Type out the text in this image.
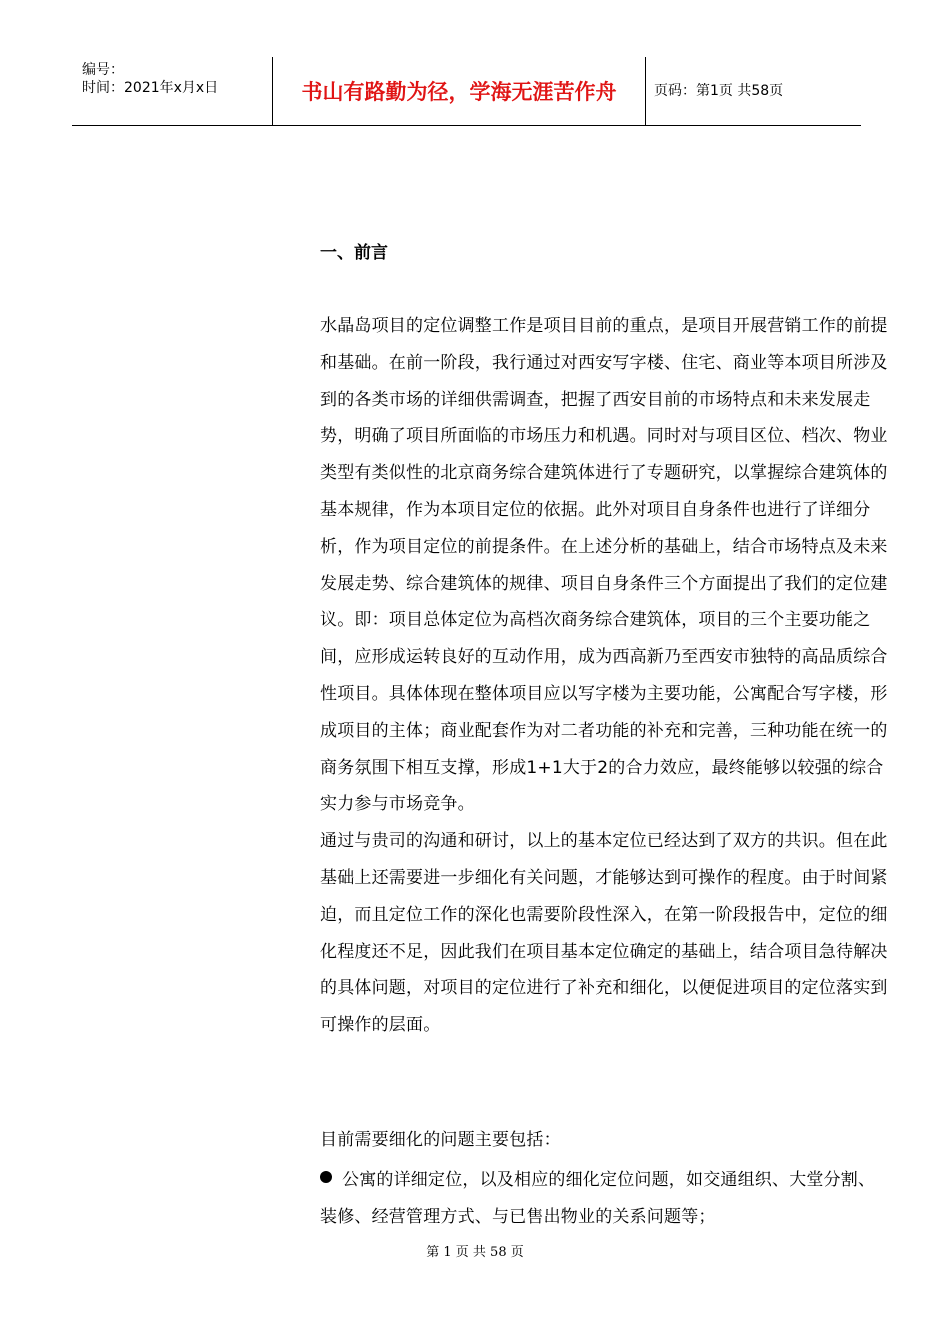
编号：
时间：2021年x月x日	书山有路勤为径，学海无涯苦作舟	页码：第1页 共58页
一、前言

水晶岛项目的定位调整工作是项目目前的重点，是项目开展营销工作的前提和基础。在前一阶段，我行通过对西安写字楼、住宅、商业等本项目所涉及到的各类市场的详细供需调查，把握了西安目前的市场特点和未来发展走势，明确了项目所面临的市场压力和机遇。同时对与项目区位、档次、物业类型有类似性的北京商务综合建筑体进行了专题研究，以掌握综合建筑体的基本规律，作为本项目定位的依据。此外对项目自身条件也进行了详细分析，作为项目定位的前提条件。在上述分析的基础上，结合市场特点及未来发展走势、综合建筑体的规律、项目自身条件三个方面提出了我们的定位建议。即：项目总体定位为高档次商务综合建筑体，项目的三个主要功能之间，应形成运转良好的互动作用，成为西高新乃至西安市独特的高品质综合性项目。具体体现在整体项目应以写字楼为主要功能，公寓配合写字楼，形成项目的主体；商业配套作为对二者功能的补充和完善，三种功能在统一的商务氛围下相互支撑，形成1+1大于2的合力效应，最终能够以较强的综合实力参与市场竞争。

通过与贵司的沟通和研讨，以上的基本定位已经达到了双方的共识。但在此基础上还需要进一步细化有关问题，才能够达到可操作的程度。由于时间紧迫，而且定位工作的深化也需要阶段性深入，在第一阶段报告中，定位的细化程度还不足，因此我们在项目基本定位确定的基础上，结合项目急待解决的具体问题，对项目的定位进行了补充和细化，以便促进项目的定位落实到可操作的层面。

目前需要细化的问题主要包括：

公寓的详细定位，以及相应的细化定位问题，如交通组织、大堂分割、装修、经营管理方式、与已售出物业的关系问题等；

第 1 页 共 58 页
